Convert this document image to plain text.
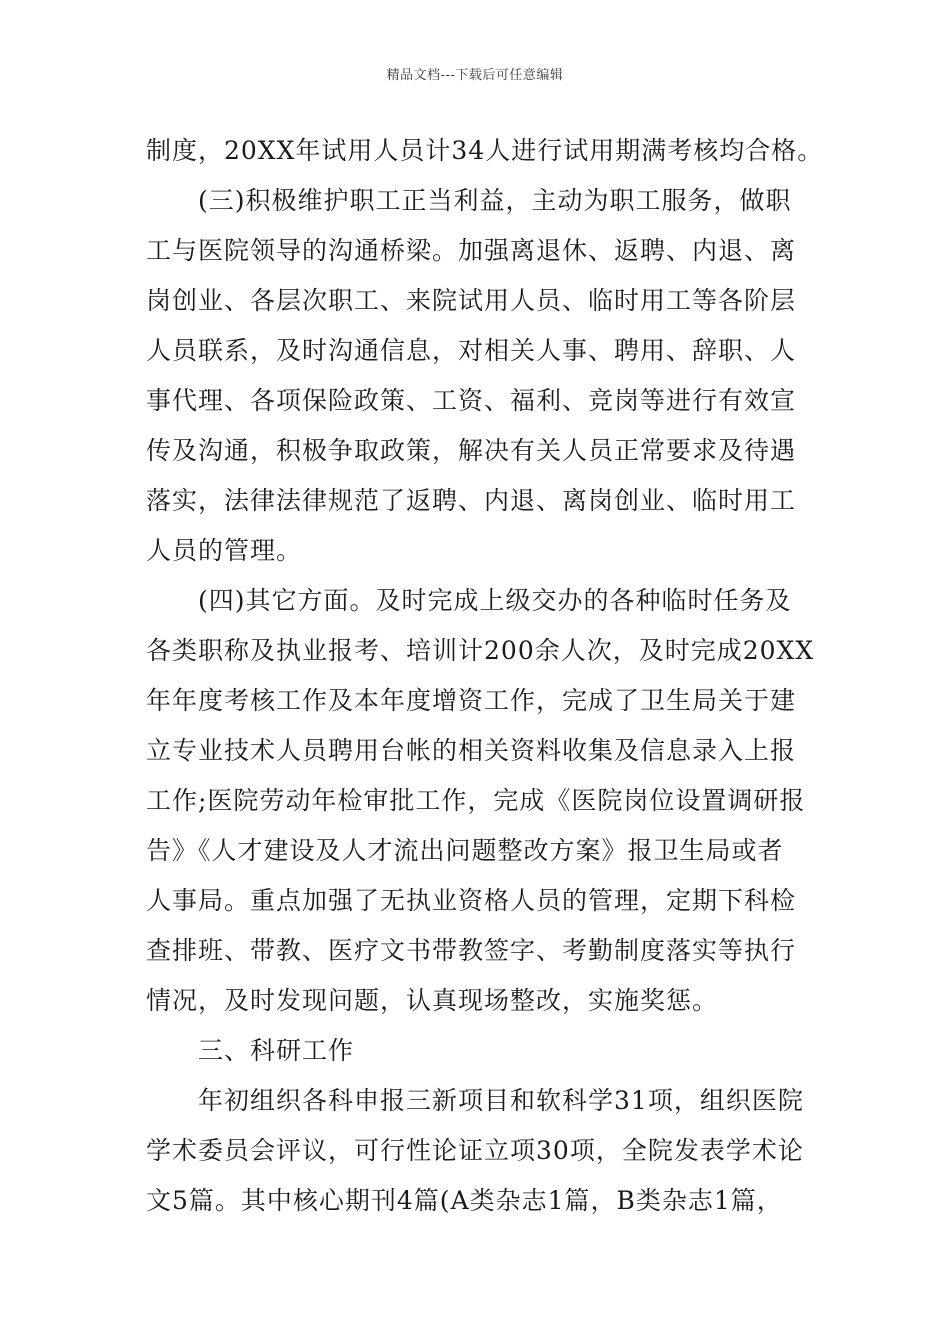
精品文档---下载后可任意编辑
制度，20XX年试用人员计34人进行试用期满考核均合格。
(三)积极维护职工正当利益，主动为职工服务，做职
工与医院领导的沟通桥梁。加强离退休、返聘、内退、离
岗创业、各层次职工、来院试用人员、临时用工等各阶层
人员联系，及时沟通信息，对相关人事、聘用、辞职、人
事代理、各项保险政策、工资、福利、竞岗等进行有效宣
传及沟通，积极争取政策，解决有关人员正常要求及待遇
落实，法律法律规范了返聘、内退、离岗创业、临时用工
人员的管理。
(四)其它方面。及时完成上级交办的各种临时任务及
各类职称及执业报考、培训计200余人次，及时完成20XX
年年度考核工作及本年度增资工作，完成了卫生局关于建
立专业技术人员聘用台帐的相关资料收集及信息录入上报
工作;医院劳动年检审批工作，完成《医院岗位设置调研报
告》《人才建设及人才流出问题整改方案》报卫生局或者
人事局。重点加强了无执业资格人员的管理，定期下科检
查排班、带教、医疗文书带教签字、考勤制度落实等执行
情况，及时发现问题，认真现场整改，实施奖惩。
三、科研工作
年初组织各科申报三新项目和软科学31项，组织医院
学术委员会评议，可行性论证立项30项，全院发表学术论
文5篇。其中核心期刊4篇(A类杂志1篇，B类杂志1篇，
